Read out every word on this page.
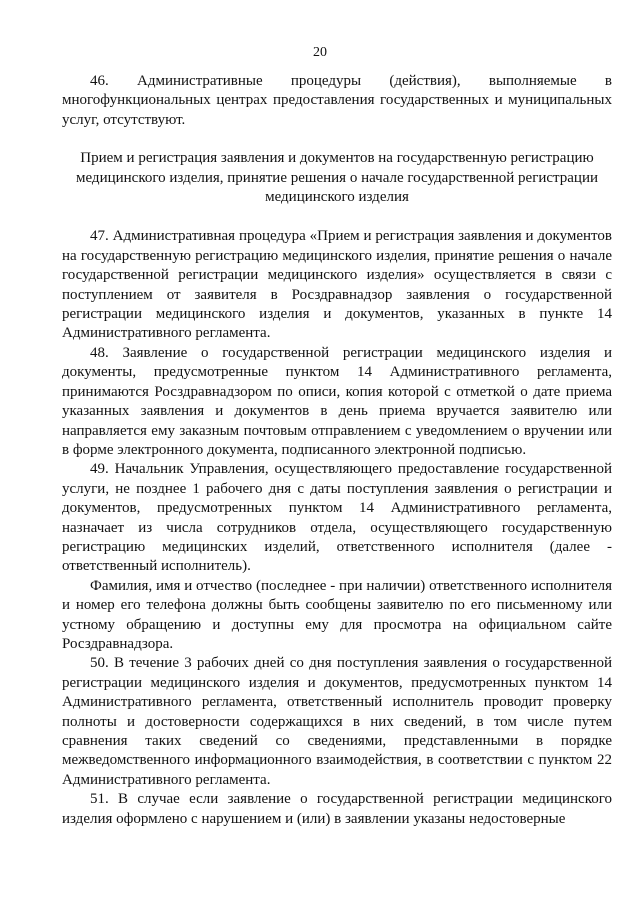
20

46. Административные процедуры (действия), выполняемые в многофункциональных центрах предоставления государственных и муниципальных услуг, отсутствуют.

Прием и регистрация заявления и документов на государственную регистрацию
медицинского изделия, принятие решения о начале государственной регистрации
медицинского изделия

47. Административная процедура «Прием и регистрация заявления и документов на государственную регистрацию медицинского изделия, принятие решения о начале государственной регистрации медицинского изделия» осуществляется в связи с поступлением от заявителя в Росздравнадзор заявления о государственной регистрации медицинского изделия и документов, указанных в пункте 14 Административного регламента.

48. Заявление о государственной регистрации медицинского изделия и документы, предусмотренные пунктом 14 Административного регламента, принимаются Росздравнадзором по описи, копия которой с отметкой о дате приема указанных заявления и документов в день приема вручается заявителю или направляется ему заказным почтовым отправлением с уведомлением о вручении или в форме электронного документа, подписанного электронной подписью.

49. Начальник Управления, осуществляющего предоставление государственной услуги, не позднее 1 рабочего дня с даты поступления заявления о регистрации и документов, предусмотренных пунктом 14 Административного регламента, назначает из числа сотрудников отдела, осуществляющего государственную регистрацию медицинских изделий, ответственного исполнителя (далее - ответственный исполнитель).

Фамилия, имя и отчество (последнее - при наличии) ответственного исполнителя и номер его телефона должны быть сообщены заявителю по его письменному или устному обращению и доступны ему для просмотра на официальном сайте Росздравнадзора.

50. В течение 3 рабочих дней со дня поступления заявления о государственной регистрации медицинского изделия и документов, предусмотренных пунктом 14 Административного регламента, ответственный исполнитель проводит проверку полноты и достоверности содержащихся в них сведений, в том числе путем сравнения таких сведений со сведениями, представленными в порядке межведомственного информационного взаимодействия, в соответствии с пунктом 22 Административного регламента.

51. В случае если заявление о государственной регистрации медицинского изделия оформлено с нарушением и (или) в заявлении указаны недостоверные
